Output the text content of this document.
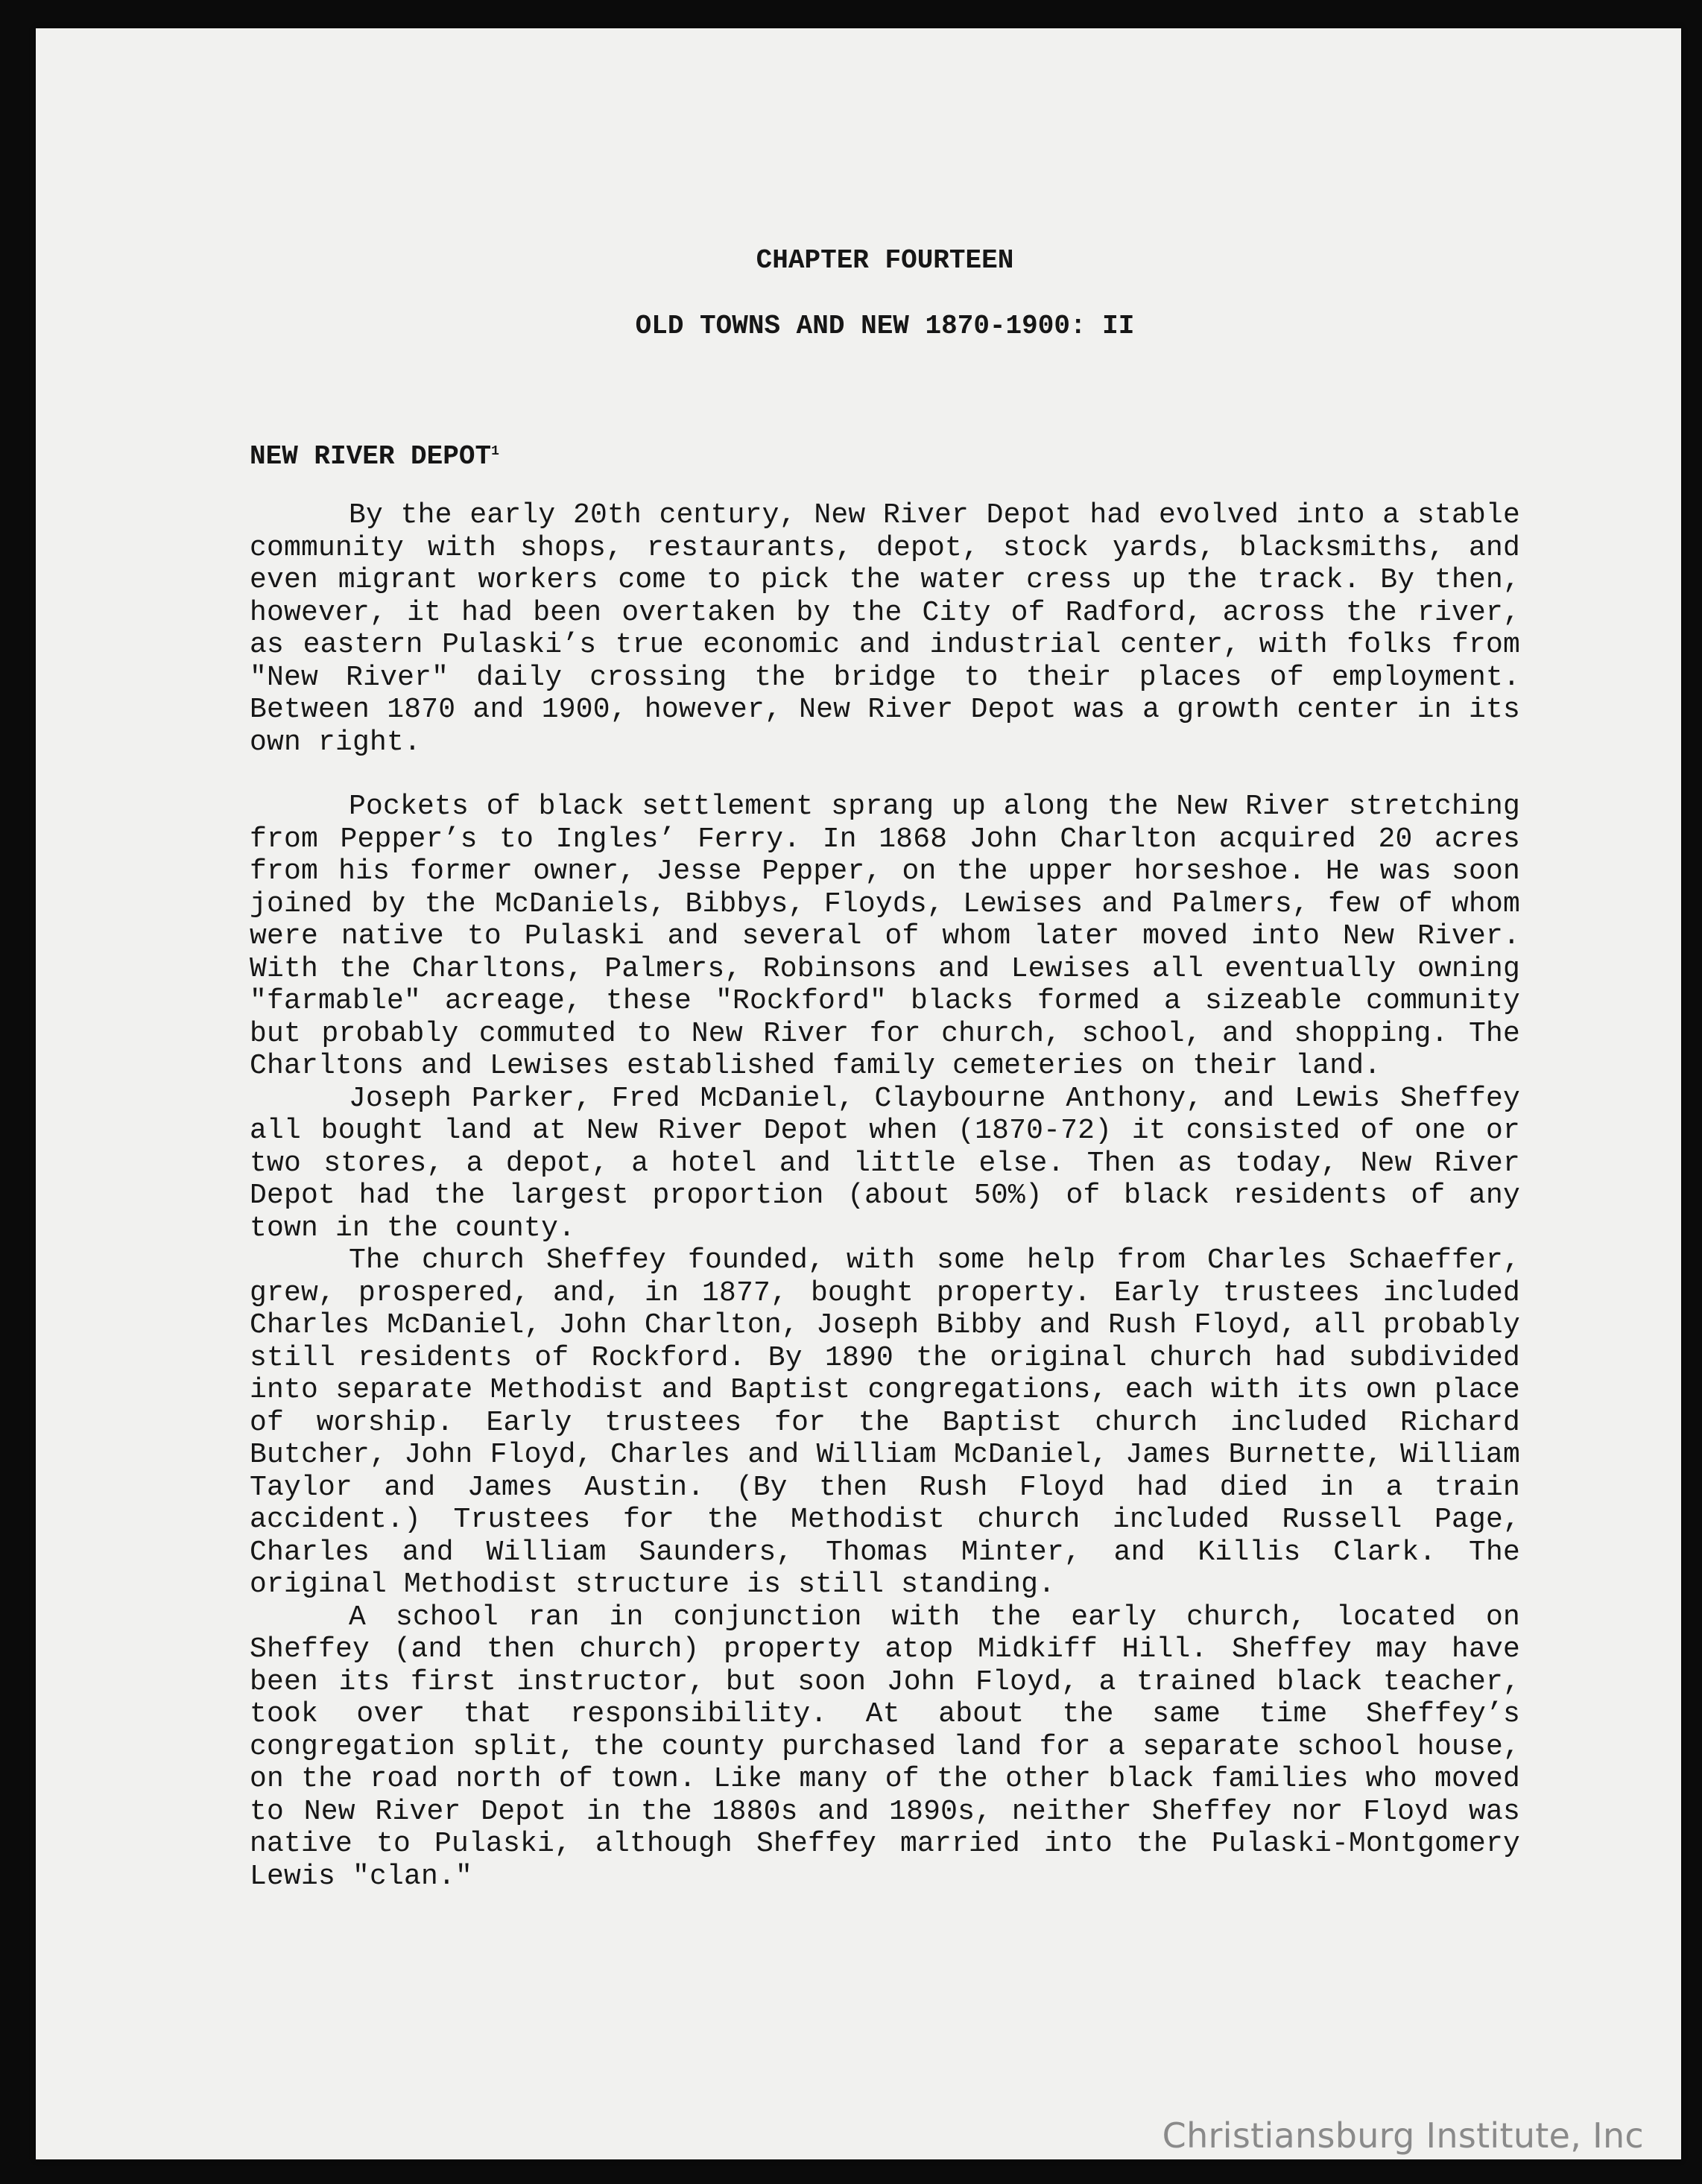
CHAPTER FOURTEEN
OLD TOWNS AND NEW 1870-1900: II
NEW RIVER DEPOT$^1$

By the early 20th century, New River Depot had evolved into a stable community with shops, restaurants, depot, stock yards, blacksmiths, and even migrant workers come to pick the water cress up the track. By then, however, it had been overtaken by the City of Radford, across the river, as eastern Pulaski’s true economic and industrial center, with folks from "New River" daily crossing the bridge to their places of employment. Between 1870 and 1900, however, New River Depot was a growth center in its own right.

Pockets of black settlement sprang up along the New River stretching from Pepper’s to Ingles’ Ferry. In 1868 John Charlton acquired 20 acres from his former owner, Jesse Pepper, on the upper horseshoe. He was soon joined by the McDaniels, Bibbys, Floyds, Lewises and Palmers, few of whom were native to Pulaski and several of whom later moved into New River. With the Charltons, Palmers, Robinsons and Lewises all eventually owning "farmable" acreage, these "Rockford" blacks formed a sizeable community but probably commuted to New River for church, school, and shopping. The Charltons and Lewises established family cemeteries on their land.

Joseph Parker, Fred McDaniel, Claybourne Anthony, and Lewis Sheffey all bought land at New River Depot when (1870-72) it consisted of one or two stores, a depot, a hotel and little else. Then as today, New River Depot had the largest proportion (about 50%) of black residents of any town in the county.

The church Sheffey founded, with some help from Charles Schaeffer, grew, prospered, and, in 1877, bought property. Early trustees included Charles McDaniel, John Charlton, Joseph Bibby and Rush Floyd, all probably still residents of Rockford. By 1890 the original church had subdivided into separate Methodist and Baptist congregations, each with its own place of worship. Early trustees for the Baptist church included Richard Butcher, John Floyd, Charles and William McDaniel, James Burnette, William Taylor and James Austin. (By then Rush Floyd had died in a train accident.) Trustees for the Methodist church included Russell Page, Charles and William Saunders, Thomas Minter, and Killis Clark. The original Methodist structure is still standing.

A school ran in conjunction with the early church, located on Sheffey (and then church) property atop Midkiff Hill. Sheffey may have been its first instructor, but soon John Floyd, a trained black teacher, took over that responsibility. At about the same time Sheffey’s congregation split, the county purchased land for a separate school house, on the road north of town. Like many of the other black families who moved to New River Depot in the 1880s and 1890s, neither Sheffey nor Floyd was native to Pulaski, although Sheffey married into the Pulaski-Montgomery Lewis "clan."

Christiansburg Institute, Inc
